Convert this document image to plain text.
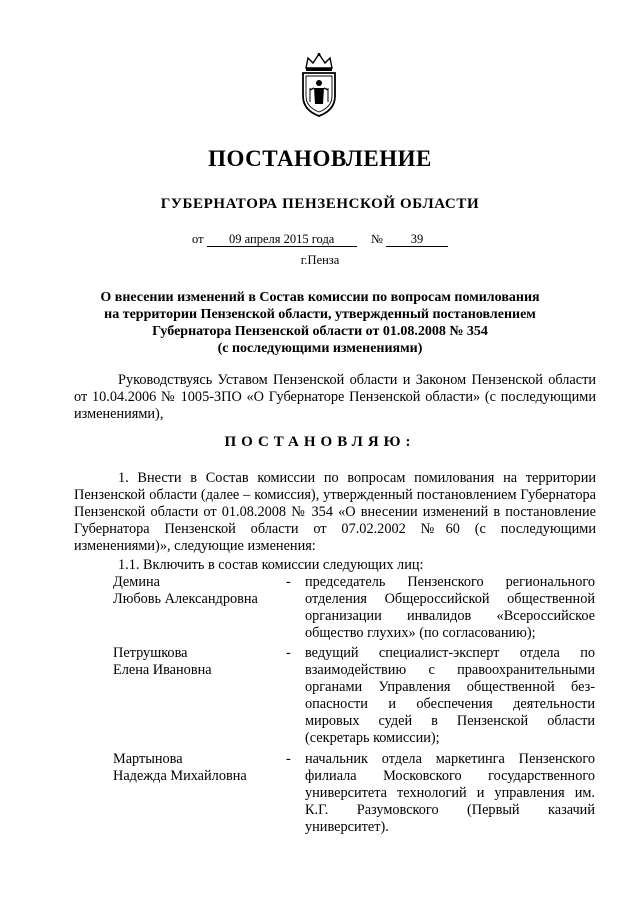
ПОСТАНОВЛЕНИЕ
ГУБЕРНАТОРА ПЕНЗЕНСКОЙ ОБЛАСТИ
от 09 апреля 2015 года	№ 39
г.Пенза
О внесении изменений в Состав комиссии по вопросам помилования
на территории Пензенской области, утвержденный постановлением
Губернатора Пензенской области от 01.08.2008 № 354
(с последующими изменениями)
Руководствуясь Уставом Пензенской области и Законом Пензенской области от 10.04.2006 № 1005-ЗПО «О Губернаторе Пензенской области» (с последующими изменениями),
ПОСТАНОВЛЯЮ:
1. Внести в Состав комиссии по вопросам помилования на территории Пензенской области (далее – комиссия), утвержденный постановлением Губернатора Пензенской области от 01.08.2008 № 354 «О внесении изменений в постановление Губернатора Пензенской области от 07.02.2002 №60 (с последующими изменениями)», следующие изменения:
1.1. Включить в состав комиссии следующих лиц:
Демина
Любовь Александровна
- председатель Пензенского регионального отделения Общероссийской общественной организации инвалидов «Всероссийское общество глухих» (по согласованию);
Петрушкова
Елена Ивановна
- ведущий специалист-эксперт отдела по взаимодействию с правоохранительными органами Управления общественной без-опасности и обеспечения деятельности мировых судей в Пензенской области (секретарь комиссии);
Мартынова
Надежда Михайловна
- начальник отдела маркетинга Пензенского филиала Московского государственного университета технологий и управления им. К.Г. Разумовского (Первый казачий университет).
